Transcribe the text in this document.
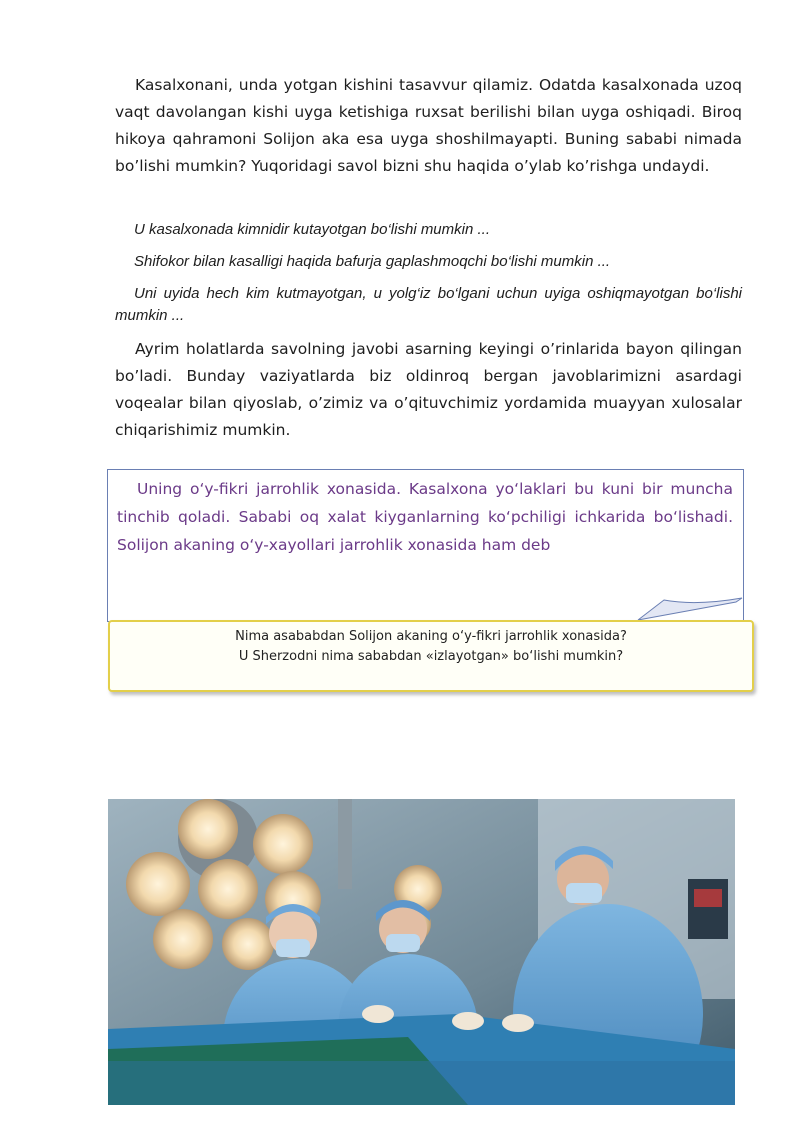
Kasalxonani, unda yotgan kishini tasavvur qilamiz. Odatda kasalxonada uzoq vaqt davolangan kishi uyga ketishiga ruxsat berilishi bilan uyga oshiqadi. Biroq hikoya qahramoni Solijon aka esa uyga shoshilmayapti. Buning sababi nimada bo’lishi mumkin? Yuqoridagi savol bizni shu haqida o’ylab ko’rishga undaydi.

U kasalxonada kimnidir kutayotgan bo‘lishi mumkin ...

Shifokor bilan kasalligi haqida bafurja gaplashmoqchi bo‘lishi mumkin ...

Uni uyida hech kim kutmayotgan, u yolg‘iz bo‘lgani uchun uyiga oshiqmayotgan bo‘lishi mumkin ...

Ayrim holatlarda savolning javobi asarning keyingi o’rinlarida bayon qilingan bo’ladi. Bunday vaziyatlarda biz oldinroq bergan javoblarimizni asardagi voqealar bilan qiyoslab, o’zimiz va o’qituvchimiz yordamida muayyan xulosalar chiqarishimiz mumkin.

Uning o‘y-fikri jarrohlik xonasida. Kasalxona yo‘laklari bu kuni bir muncha tinchib qoladi. Sababi oq xalat kiyganlarning ko‘pchiligi ichkarida bo‘lishadi. Solijon akaning o‘y-xayollari jarrohlik xonasida ham deb

Nima asababdan Solijon akaning o‘y-fikri jarrohlik xonasida?
U Sherzodni nima sababdan «izlayotgan» bo‘lishi mumkin?
